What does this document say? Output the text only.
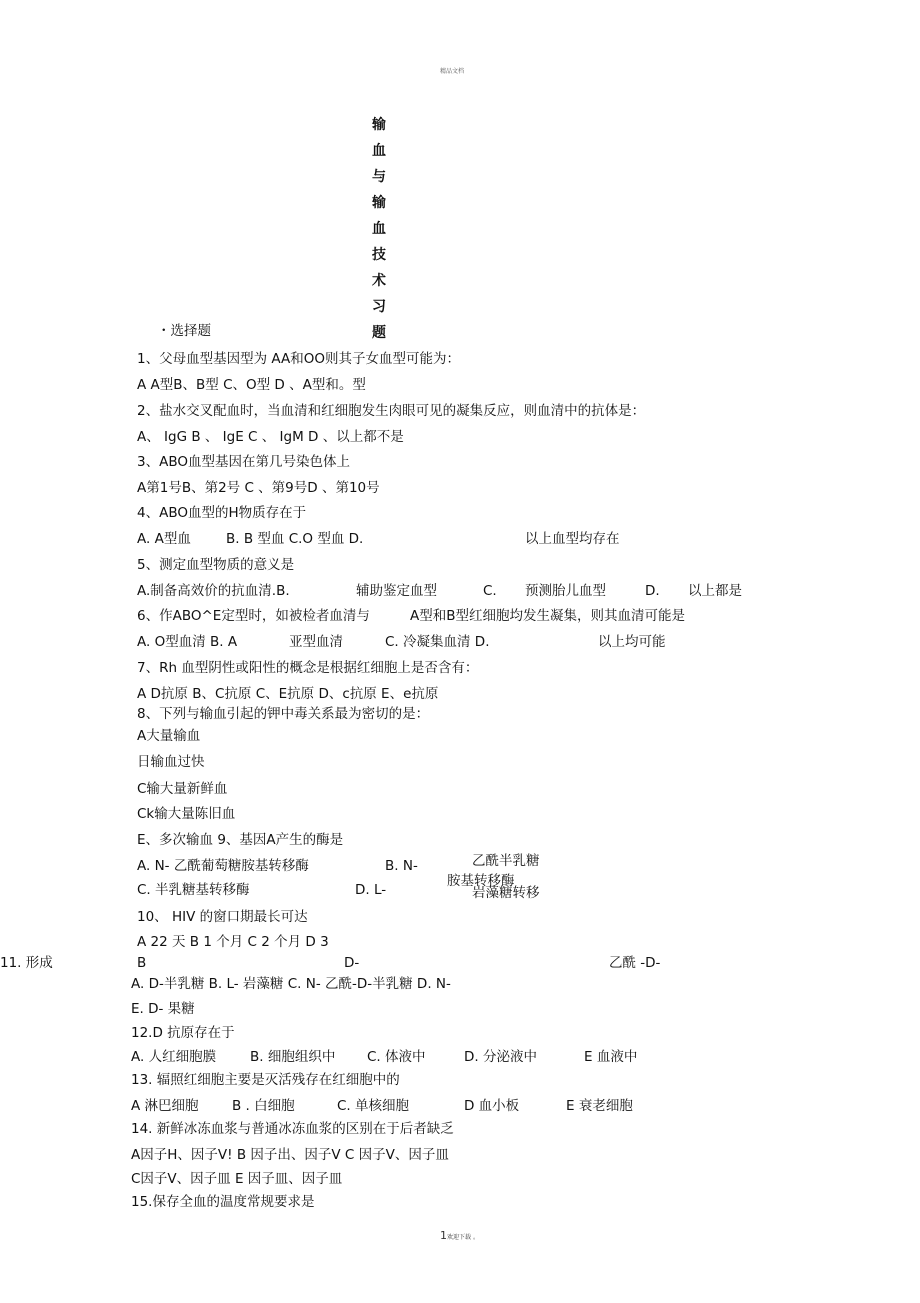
精品文档
输
血
与
输
血
技
术
习
题
・选择题
1、父母血型基因型为 AA和OO则其子女血型可能为：
A A型B、B型 C、O型 D 、A型和。型
2、盐水交叉配血时，当血清和红细胞发生肉眼可见的凝集反应，则血清中的抗体是：
A、 IgG B 、 IgE C 、 IgM D 、以上都不是
3、ABO血型基因在第几号染色体上
A第1号B、第2号 C 、第9号D 、第10号
4、ABO血型的H物质存在于
A. A型血	B. B 型血 C.O 型血 D.	以上血型均存在
5、测定血型物质的意义是
A.制备高效价的抗血清.B.	辅助鉴定血型	C. 预测胎儿血型	D. 以上都是
6、作ABO^E定型时，如被检者血清与	A型和B型红细胞均发生凝集，则其血清可能是
A. O型血清 B. A	亚型血清	C. 冷凝集血清 D.	以上均可能
7、Rh 血型阴性或阳性的概念是根据红细胞上是否含有：
A D抗原 B、C抗原 C、E抗原 D、c抗原 E、e抗原
8、下列与输血引起的钾中毒关系最为密切的是：
A大量输血
日输血过快
C输大量新鲜血
Ck输大量陈旧血
E、多次输血 9、基因A产生的酶是
A. N- 乙酰葡萄糖胺基转移酶	B. N-	乙酰半乳糖
胺基转移酶
C. 半乳糖基转移酶	D. L-	岩藻糖转移
10、 HIV 的窗口期最长可达
A 22 天 B 1 个月 C 2 个月 D 3
11. 形成	B	D-	乙酰 -D-
A. D-半乳糖 B. L- 岩藻糖 C. N- 乙酰-D-半乳糖 D. N-
E. D- 果糖
12.D 抗原存在于
A. 人红细胞膜	B. 细胞组织中 C. 体液中	D. 分泌液中	E 血液中
13. 辐照红细胞主要是灭活残存在红细胞中的
A 淋巴细胞 B . 白细胞	C. 单核细胞	D 血小板	E 衰老细胞
14. 新鲜冰冻血浆与普通冰冻血浆的区别在于后者缺乏
A因子H、因子V! B 因子出、因子V C 因子V、因子皿
C因子V、因子皿 E 因子皿、因子皿
15.保存全血的温度常规要求是
1欢迎下载 。
